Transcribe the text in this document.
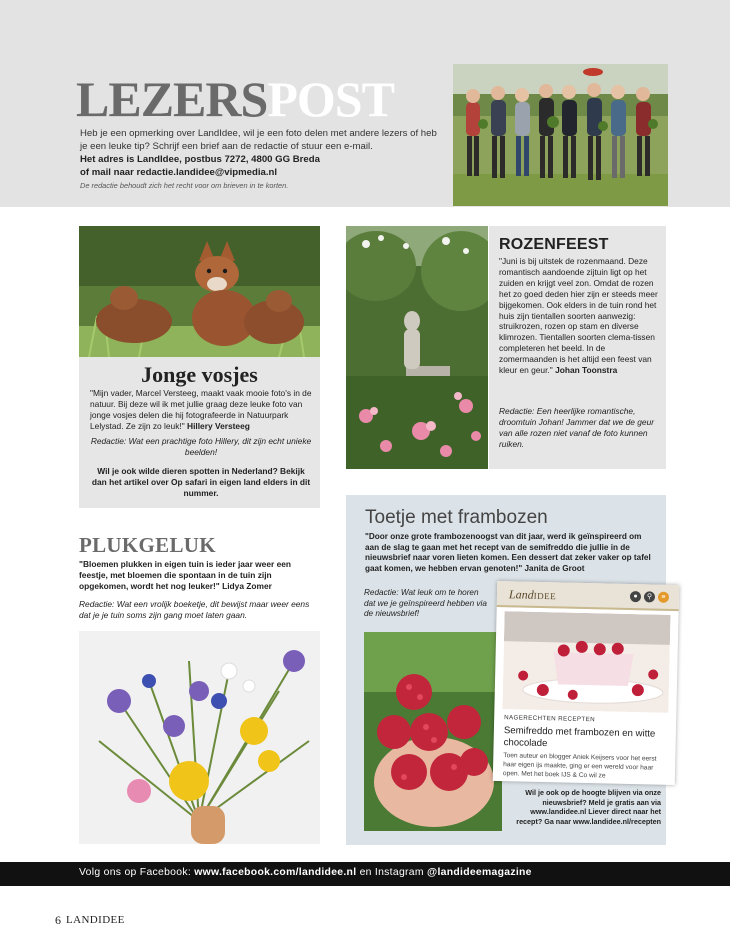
LEZERSPOST
Heb je een opmerking over LandIdee, wil je een foto delen met andere lezers of heb je een leuke tip? Schrijf een brief aan de redactie of stuur een e-mail.
Het adres is LandIdee, postbus 7272, 4800 GG Breda
of mail naar redactie.landidee@vipmedia.nl
De redactie behoudt zich het recht voor om brieven in te korten.
Jonge vosjes
"Mijn vader, Marcel Versteeg, maakt vaak mooie foto's in de natuur. Bij deze wil ik met jullie graag deze leuke foto van jonge vosjes delen die hij fotografeerde in Natuurpark Lelystad. Ze zijn zo leuk!" Hillery Versteeg
Redactie: Wat een prachtige foto Hillery, dit zijn echt unieke beelden!
Wil je ook wilde dieren spotten in Nederland? Bekijk dan het artikel over Op safari in eigen land elders in dit nummer.
ROZENFEEST
"Juni is bij uitstek de rozenmaand. Deze romantisch aandoende zijtuin ligt op het zuiden en krijgt veel zon. Omdat de rozen het zo goed deden hier zijn er steeds meer bijgekomen. Ook elders in de tuin rond het huis zijn tientallen soorten aanwezig: struikrozen, rozen op stam en diverse klimrozen. Tientallen soorten clema-tissen completeren het beeld. In de zomermaanden is het altijd een feest van kleur en geur." Johan Toonstra
Redactie: Een heerlijke romantische, droomtuin Johan! Jammer dat we de geur van alle rozen niet vanaf de foto kunnen ruiken.
PLUKGELUK
"Bloemen plukken in eigen tuin is ieder jaar weer een feestje, met bloemen die spontaan in de tuin zijn opgekomen, wordt het nog leuker!" Lidya Zomer
Redactie: Wat een vrolijk boeketje, dit bewijst maar weer eens dat je je tuin soms zijn gang moet laten gaan.
Toetje met frambozen
"Door onze grote frambozenoogst van dit jaar, werd ik geïnspireerd om aan de slag te gaan met het recept van de semifreddo die jullie in de nieuwsbrief naar voren lieten komen. Een dessert dat zeker vaker op tafel gaat komen, we hebben ervan genoten!" Janita de Groot
Redactie: Wat leuk om te horen dat we je geïnspireerd hebben via de nieuwsbrief!
Wil je ook op de hoogte blijven via onze nieuwsbrief? Meld je gratis aan via www.landidee.nl Liever direct naar het recept? Ga naar www.landidee.nl/recepten
LandIDEE	●	⚲	≡
NAGERECHTEN RECEPTEN
Semifreddo met frambozen en witte chocolade
Toen auteur en blogger Aniek Keijsers voor het eerst haar eigen ijs maakte, ging er een wereld voor haar open. Met het boek IJS & Co wil ze
Volg ons op Facebook: www.facebook.com/landidee.nl en Instagram @landideemagazine
6 LANDIDEE
